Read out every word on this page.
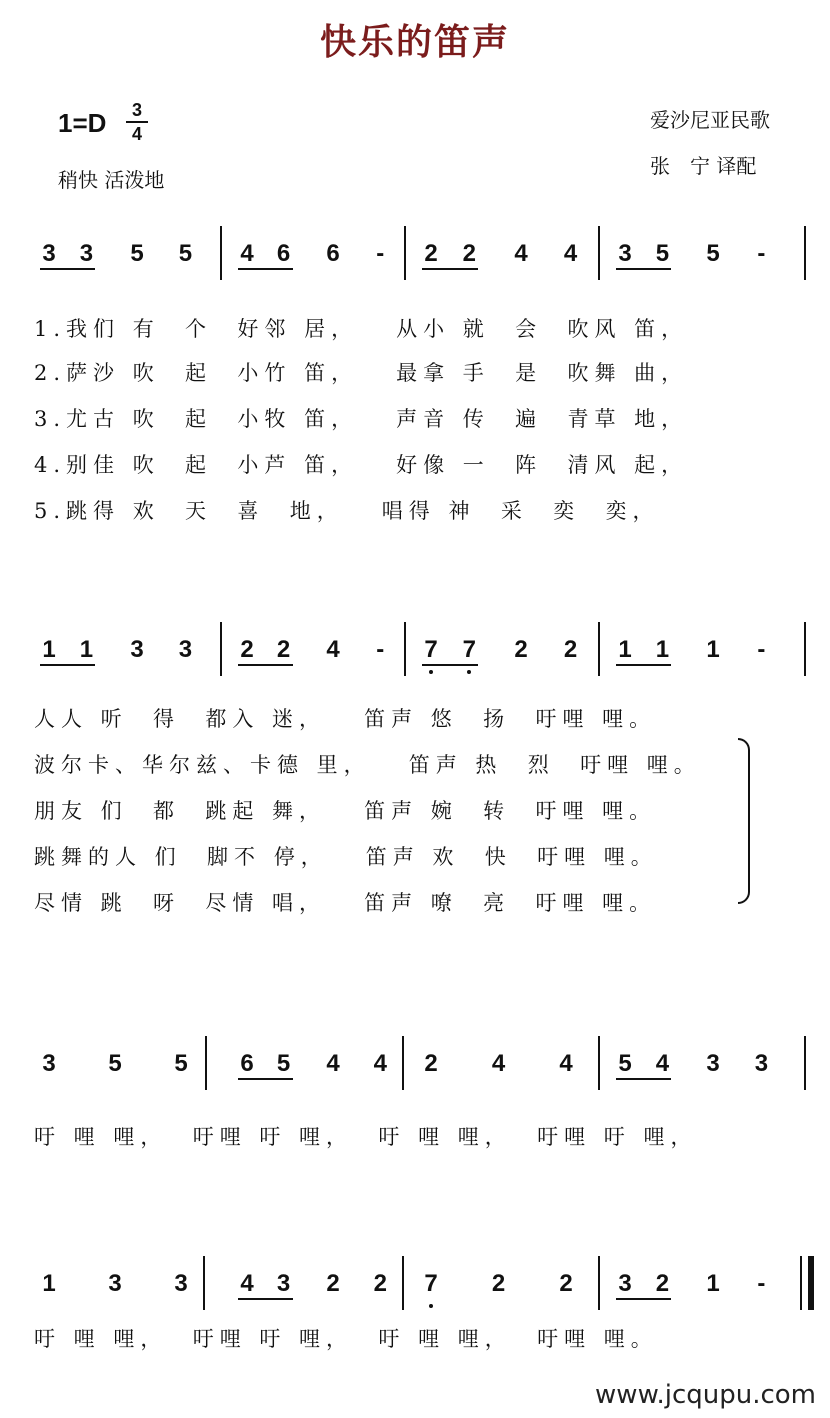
快乐的笛声
1=D	3
4
稍快 活泼地
爱沙尼亚民歌
张　宁 译配
3 3 5 5 4 6 6 - 2 2 4 4 3 5 5 -
1.我们 有  个  好邻 居，   从小 就  会  吹风 笛，
2.萨沙 吹  起  小竹 笛，   最拿 手  是  吹舞 曲，
3.尤古 吹  起  小牧 笛，   声音 传  遍  青草 地，
4.别佳 吹  起  小芦 笛，   好像 一  阵  清风 起，
5.跳得 欢  天  喜  地，   唱得 神  采  奕  奕，
1 1 3 3 2 2 4 - 7 7 2 2 1 1 1 -
人人 听  得  都入 迷，   笛声 悠  扬  吁哩 哩。
波尔卡、华尔兹、卡德 里，   笛声 热  烈  吁哩 哩。
朋友 们  都  跳起 舞，   笛声 婉  转  吁哩 哩。
跳舞的人 们  脚不 停，   笛声 欢  快  吁哩 哩。
尽情 跳  呀  尽情 唱，   笛声 嘹  亮  吁哩 哩。
3 5 5 6 5 4 4 2 4 4 5 4 3 3
吁 哩 哩，  吁哩 吁 哩，  吁 哩 哩，  吁哩 吁 哩，
1 3 3 4 3 2 2 7 2 2 3 2 1 -
吁 哩 哩，  吁哩 吁 哩，  吁 哩 哩，  吁哩 哩。
www.jcqupu.com
